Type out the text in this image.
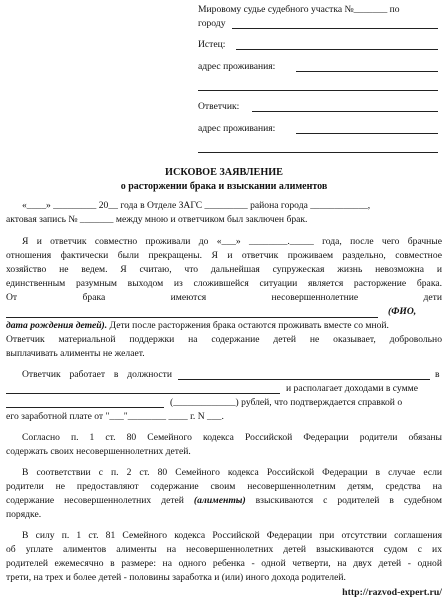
Мировому судье судебного участка №_______ по
городу
Истец:
адрес проживания:
Ответчик:
адрес проживания:
ИСКОВОЕ ЗАЯВЛЕНИЕ
о расторжении брака и взыскании алиментов
«____» _________ 20__ года в Отделе ЗАГС _________ района города ____________,
актовая запись № _______ между мною и ответчиком был заключен брак.
Я и ответчик совместно проживали до «___» ________._____ года, после чего брачные
отношения фактически были прекращены. Я и ответчик проживаем раздельно, совместное
хозяйство не ведем. Я считаю, что дальнейшая супружеская жизнь невозможна и
единственным разумным выходом из сложившейся ситуации является расторжение брака.
От брака имеются несовершеннолетние дети
(ФИО,
дата рождения детей). Дети после расторжения брака остаются проживать вместе со мной.
Ответчик материальной поддержки на содержание детей не оказывает, добровольно
выплачивать алименты не желает.
Ответчик работает в должности	в
и располагает доходами в сумме
(_____________) рублей, что подтверждается справкой о
его заработной плате от "___"________ ____ г. N ___.
Согласно п. 1 ст. 80 Семейного кодекса Российской Федерации родители обязаны
содержать своих несовершеннолетних детей.
В соответствии с п. 2 ст. 80 Семейного кодекса Российской Федерации в случае если
родители не предоставляют содержание своим несовершеннолетним детям, средства на
содержание несовершеннолетних детей (алименты) взыскиваются с родителей в судебном
порядке.
В силу п. 1 ст. 81 Семейного кодекса Российской Федерации при отсутствии соглашения
об уплате алиментов алименты на несовершеннолетних детей взыскиваются судом с их
родителей ежемесячно в размере: на одного ребенка - одной четверти, на двух детей - одной
трети, на трех и более детей - половины заработка и (или) иного дохода родителей.
http://razvod-expert.ru/
